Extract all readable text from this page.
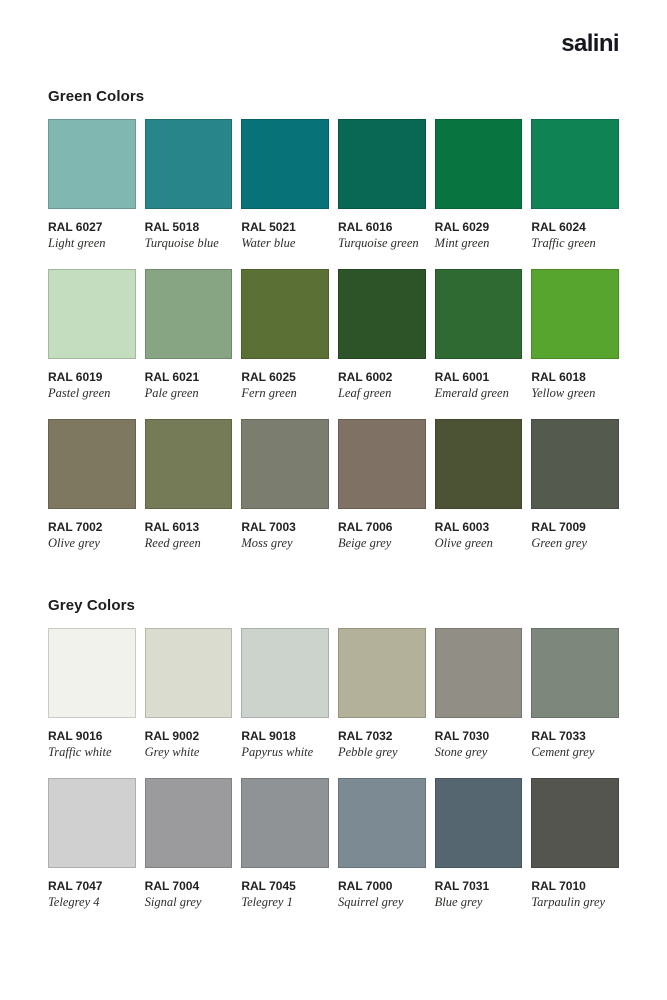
salini
Green Colors
RAL 6027
Light green
RAL 5018
Turquoise blue
RAL 5021
Water blue
RAL 6016
Turquoise green
RAL 6029
Mint green
RAL 6024
Traffic green
RAL 6019
Pastel green
RAL 6021
Pale green
RAL 6025
Fern green
RAL 6002
Leaf green
RAL 6001
Emerald green
RAL 6018
Yellow green
RAL 7002
Olive grey
RAL 6013
Reed green
RAL 7003
Moss grey
RAL 7006
Beige grey
RAL 6003
Olive green
RAL 7009
Green grey
Grey Colors
RAL 9016
Traffic white
RAL 9002
Grey white
RAL 9018
Papyrus white
RAL 7032
Pebble grey
RAL 7030
Stone grey
RAL 7033
Cement grey
RAL 7047
Telegrey 4
RAL 7004
Signal grey
RAL 7045
Telegrey 1
RAL 7000
Squirrel grey
RAL 7031
Blue grey
RAL 7010
Tarpaulin grey
